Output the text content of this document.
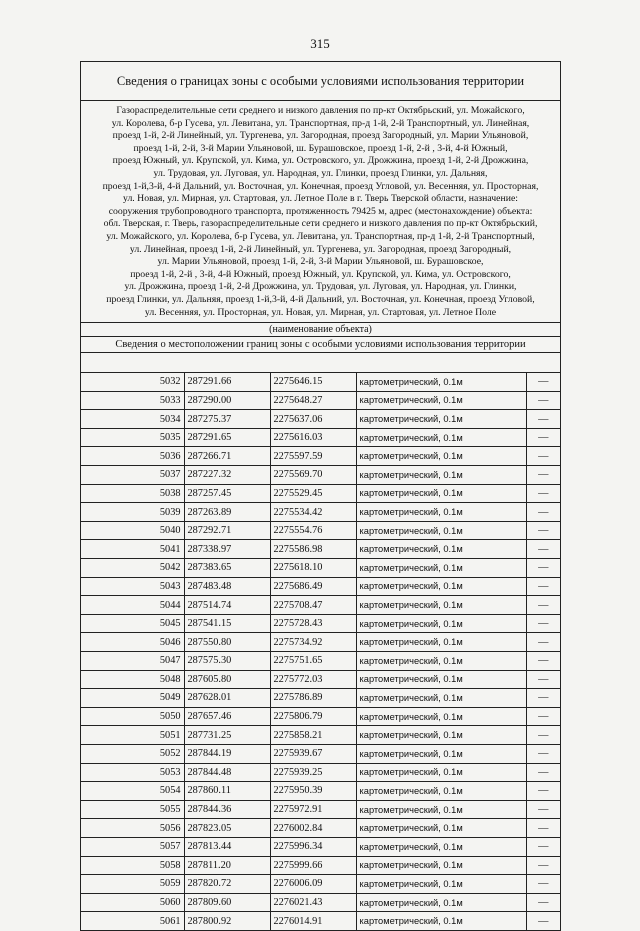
315
Сведения о границах зоны с особыми условиями использования территории
Газораспределительные сети среднего и низкого давления по пр-кт Октябрьский, ул. Можайского,
ул. Королева, б-р Гусева, ул. Левитана, ул. Транспортная, пр-д 1-й, 2-й Транспортный, ул. Линейная,
проезд 1-й, 2-й Линейный, ул. Тургенева, ул. Загородная, проезд Загородный, ул. Марии Ульяновой,
проезд 1-й, 2-й, 3-й Марии Ульяновой, ш. Бурашовское, проезд 1-й, 2-й , 3-й, 4-й Южный,
проезд Южный, ул. Крупской, ул. Кима, ул. Островского, ул. Дрожжина, проезд 1-й, 2-й Дрожжина,
ул. Трудовая, ул. Луговая, ул. Народная, ул. Глинки, проезд Глинки, ул. Дальняя,
проезд 1-й,3-й, 4-й Дальний, ул. Восточная, ул. Конечная, проезд Угловой, ул. Весенняя, ул. Просторная,
ул. Новая, ул. Мирная, ул. Стартовая, ул. Летное Поле в г. Тверь Тверской области, назначение:
сооружения трубопроводного транспорта, протяженность 79425 м, адрес (местонахождение) объекта:
обл. Тверская, г. Тверь, газораспределительные сети среднего и низкого давления по пр-кт Октябрьский,
ул. Можайского, ул. Королева, б-р Гусева, ул. Левитана, ул. Транспортная, пр-д 1-й, 2-й Транспортный,
ул. Линейная, проезд 1-й, 2-й Линейный, ул. Тургенева, ул. Загородная, проезд Загородный,
ул. Марии Ульяновой, проезд 1-й, 2-й, 3-й Марии Ульяновой, ш. Бурашовское,
проезд 1-й, 2-й , 3-й, 4-й Южный, проезд Южный, ул. Крупской, ул. Кима, ул. Островского,
ул. Дрожжина, проезд 1-й, 2-й Дрожжина, ул. Трудовая, ул. Луговая, ул. Народная, ул. Глинки,
проезд Глинки, ул. Дальняя, проезд 1-й,3-й, 4-й Дальний, ул. Восточная, ул. Конечная, проезд Угловой,
ул. Весенняя, ул. Просторная, ул. Новая, ул. Мирная, ул. Стартовая, ул. Летное Поле
(наименование объекта)
Сведения о местоположении границ зоны с особыми условиями использования территории
5032	287291.66	2275646.15	картометрический, 0.1м	—
5033	287290.00	2275648.27	картометрический, 0.1м	—
5034	287275.37	2275637.06	картометрический, 0.1м	—
5035	287291.65	2275616.03	картометрический, 0.1м	—
5036	287266.71	2275597.59	картометрический, 0.1м	—
5037	287227.32	2275569.70	картометрический, 0.1м	—
5038	287257.45	2275529.45	картометрический, 0.1м	—
5039	287263.89	2275534.42	картометрический, 0.1м	—
5040	287292.71	2275554.76	картометрический, 0.1м	—
5041	287338.97	2275586.98	картометрический, 0.1м	—
5042	287383.65	2275618.10	картометрический, 0.1м	—
5043	287483.48	2275686.49	картометрический, 0.1м	—
5044	287514.74	2275708.47	картометрический, 0.1м	—
5045	287541.15	2275728.43	картометрический, 0.1м	—
5046	287550.80	2275734.92	картометрический, 0.1м	—
5047	287575.30	2275751.65	картометрический, 0.1м	—
5048	287605.80	2275772.03	картометрический, 0.1м	—
5049	287628.01	2275786.89	картометрический, 0.1м	—
5050	287657.46	2275806.79	картометрический, 0.1м	—
5051	287731.25	2275858.21	картометрический, 0.1м	—
5052	287844.19	2275939.67	картометрический, 0.1м	—
5053	287844.48	2275939.25	картометрический, 0.1м	—
5054	287860.11	2275950.39	картометрический, 0.1м	—
5055	287844.36	2275972.91	картометрический, 0.1м	—
5056	287823.05	2276002.84	картометрический, 0.1м	—
5057	287813.44	2275996.34	картометрический, 0.1м	—
5058	287811.20	2275999.66	картометрический, 0.1м	—
5059	287820.72	2276006.09	картометрический, 0.1м	—
5060	287809.60	2276021.43	картометрический, 0.1м	—
5061	287800.92	2276014.91	картометрический, 0.1м	—
